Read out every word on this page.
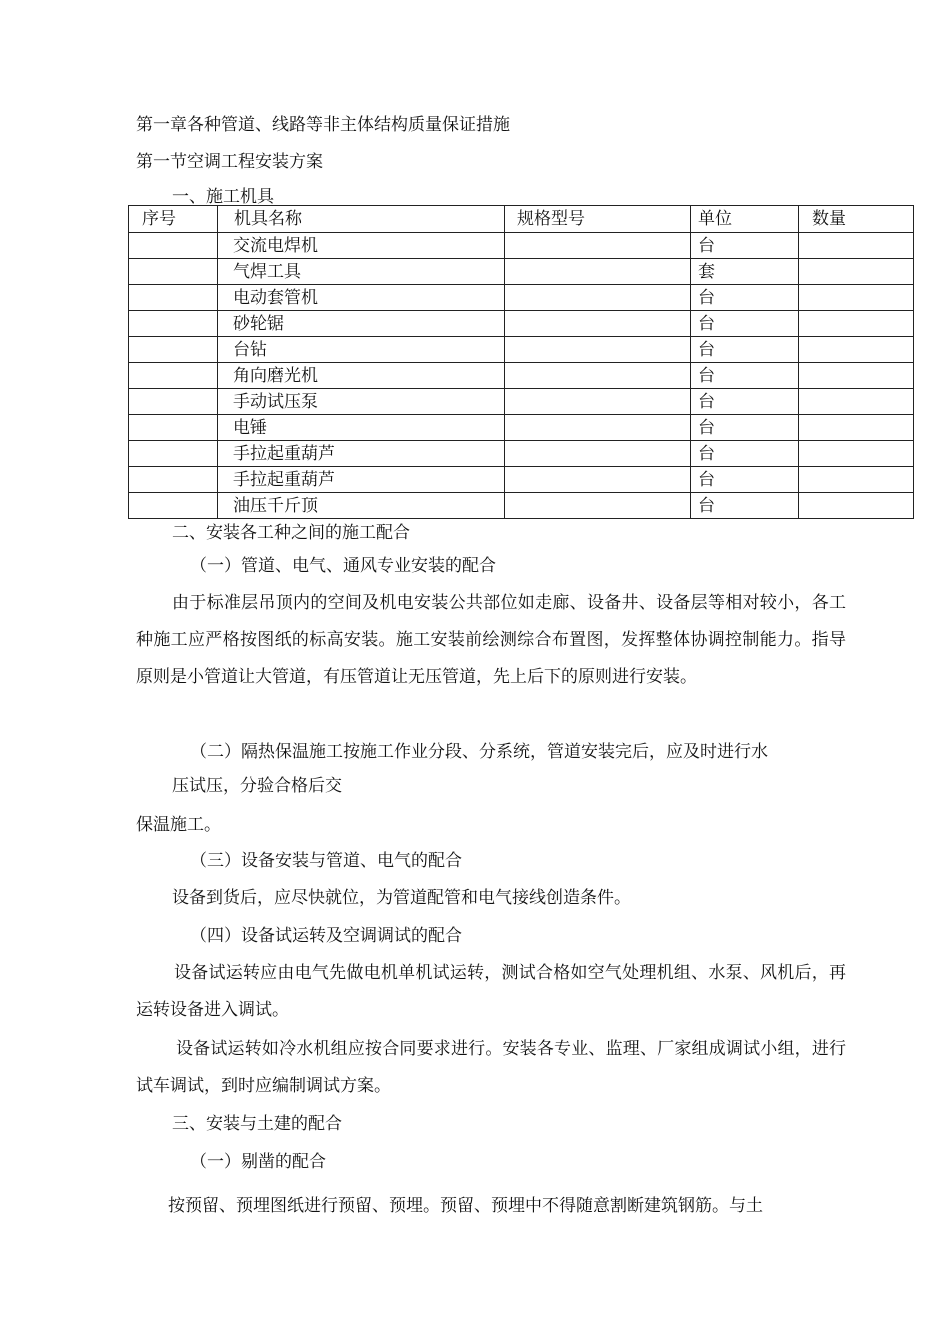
第一章各种管道、线路等非主体结构质量保证措施
第一节空调工程安装方案
一、施工机具
序号	机具名称	规格型号	单位	数量
	交流电焊机		台	
	气焊工具		套	
	电动套管机		台	
	砂轮锯		台	
	台钻		台	
	角向磨光机		台	
	手动试压泵		台	
	电锤		台	
	手拉起重葫芦		台	
	手拉起重葫芦		台	
	油压千斤顶		台	
二、安装各工种之间的施工配合
（一）管道、电气、通风专业安装的配合
由于标准层吊顶内的空间及机电安装公共部位如走廊、设备井、设备层等相对较小，各工种施工应严格按图纸的标高安装。施工安装前绘测综合布置图，发挥整体协调控制能力。指导原则是小管道让大管道，有压管道让无压管道，先上后下的原则进行安装。
（二）隔热保温施工按施工作业分段、分系统，管道安装完后，应及时进行水
压试压，分验合格后交
保温施工。
（三）设备安装与管道、电气的配合
设备到货后，应尽快就位，为管道配管和电气接线创造条件。
（四）设备试运转及空调调试的配合
设备试运转应由电气先做电机单机试运转，测试合格如空气处理机组、水泵、风机后，再运转设备进入调试。
设备试运转如冷水机组应按合同要求进行。安装各专业、监理、厂家组成调试小组，进行试车调试，到时应编制调试方案。
三、安装与土建的配合
（一）剔凿的配合
按预留、预埋图纸进行预留、预埋。预留、预埋中不得随意割断建筑钢筋。与土
